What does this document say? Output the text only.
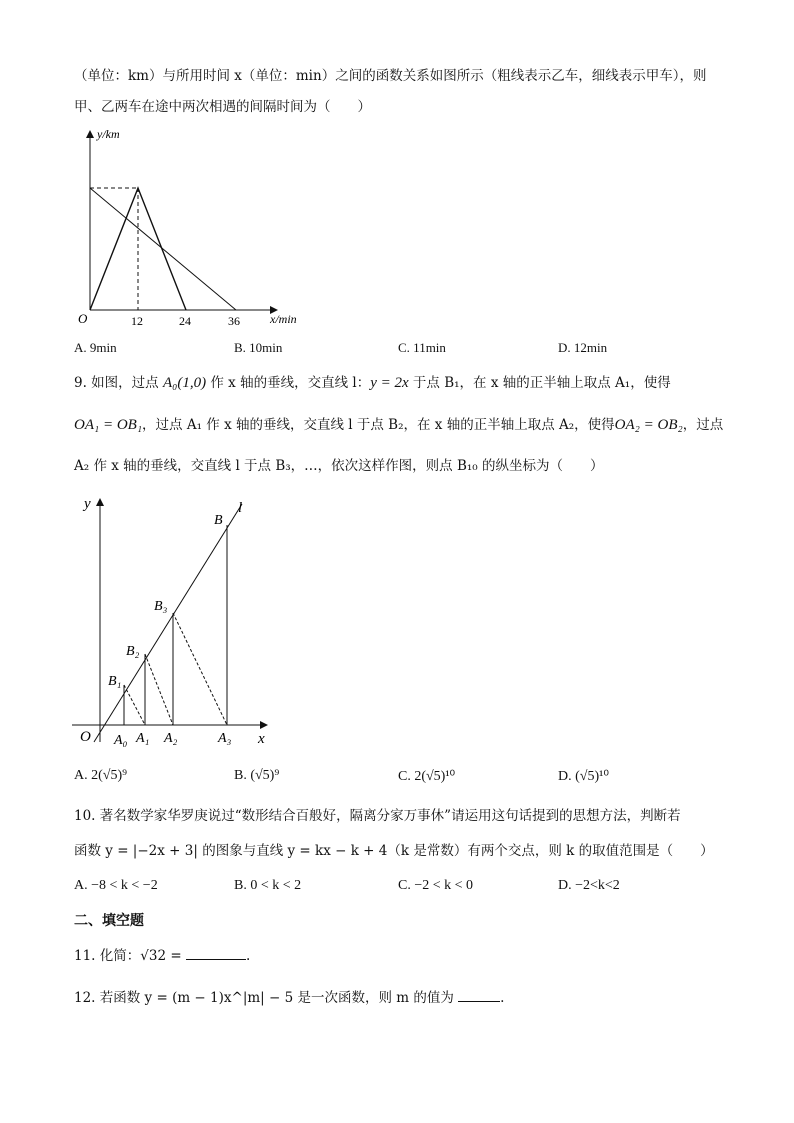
（单位：km）与所用时间 x（单位：min）之间的函数关系如图所示（粗线表示乙车，细线表示甲车），则
甲、乙两车在途中两次相遇的间隔时间为（　　）
y/km
O	12	24	36	x/min
A. 9min	B. 10min	C. 11min	D. 12min
9. 如图，过点 A₀(1,0) 作 x 轴的垂线，交直线 l：y = 2x 于点 B₁，在 x 轴的正半轴上取点 A₁，使得
OA₁ = OB₁，过点 A₁ 作 x 轴的垂线，交直线 l 于点 B₂，在 x 轴的正半轴上取点 A₂，使得OA₂ = OB₂，过点
A₂ 作 x 轴的垂线，交直线 l 于点 B₃，…，依次这样作图，则点 B₁₀ 的纵坐标为（　　）
y
x
l
O
B
B₁
B₂
B₃
A₀ A₁ A₂	A₃
A. 2(√5)⁹	B. (√5)⁹	C. 2(√5)¹⁰	D. (√5)¹⁰
10. 著名数学家华罗庚说过“数形结合百般好，隔离分家万事休”请运用这句话提到的思想方法，判断若
函数 y = |−2x + 3| 的图象与直线 y = kx − k + 4（k 是常数）有两个交点，则 k 的取值范围是（　　）
A. −8 < k < −2	B. 0 < k < 2	C. −2 < k < 0	D. −2<k<2
二、填空题
11. 化简：√32 =	.
12. 若函数 y = (m − 1)x^|m| − 5 是一次函数，则 m 的值为	.
